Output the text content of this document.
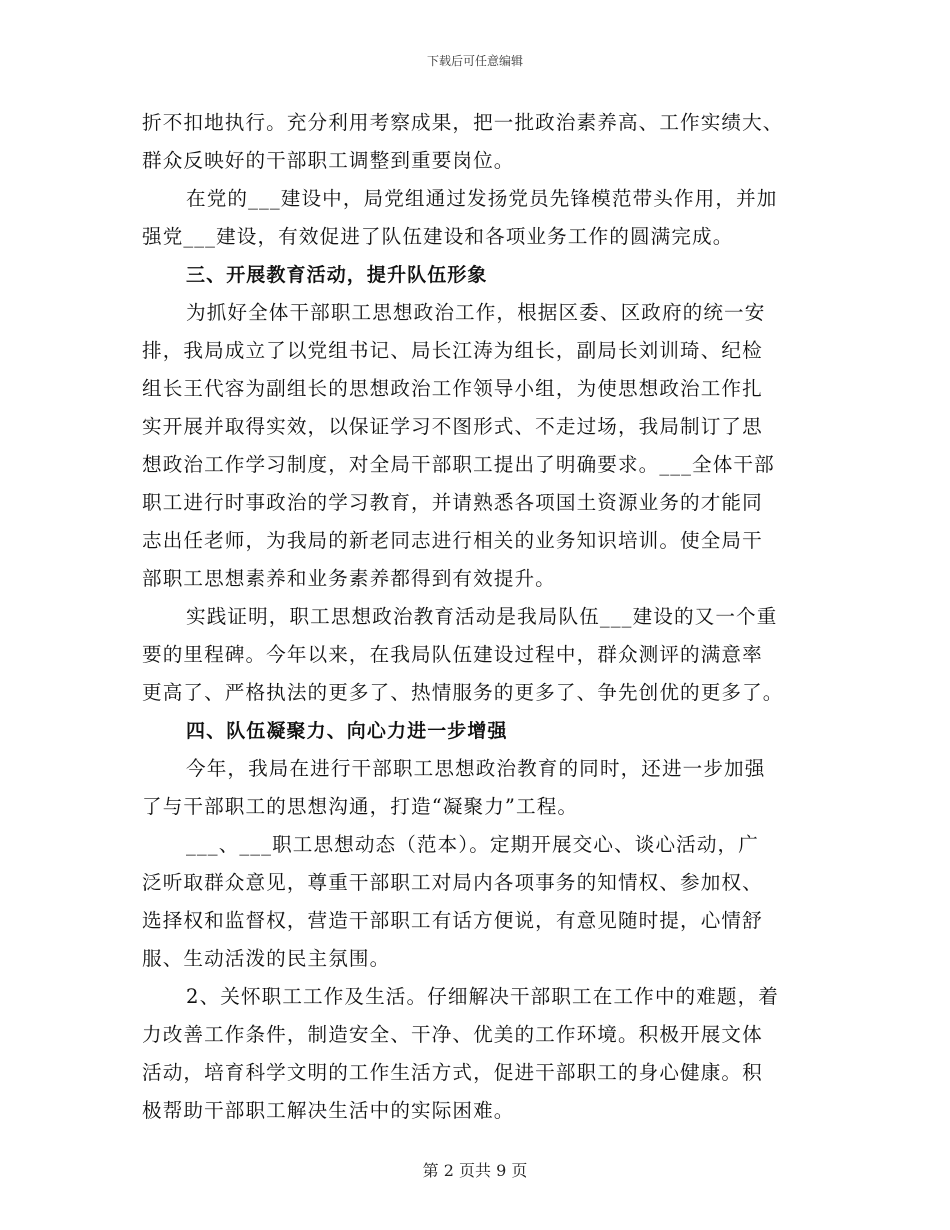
下载后可任意编辑
折不扣地执行。充分利用考察成果，把一批政治素养高、工作实绩大、
群众反映好的干部职工调整到重要岗位。
在党的___建设中，局党组通过发扬党员先锋模范带头作用，并加
强党___建设，有效促进了队伍建设和各项业务工作的圆满完成。
三、开展教育活动，提升队伍形象
为抓好全体干部职工思想政治工作，根据区委、区政府的统一安
排，我局成立了以党组书记、局长江涛为组长，副局长刘训琦、纪检
组长王代容为副组长的思想政治工作领导小组，为使思想政治工作扎
实开展并取得实效，以保证学习不图形式、不走过场，我局制订了思
想政治工作学习制度，对全局干部职工提出了明确要求。___全体干部
职工进行时事政治的学习教育，并请熟悉各项国土资源业务的才能同
志出任老师，为我局的新老同志进行相关的业务知识培训。使全局干
部职工思想素养和业务素养都得到有效提升。
实践证明，职工思想政治教育活动是我局队伍___建设的又一个重
要的里程碑。今年以来，在我局队伍建设过程中，群众测评的满意率
更高了、严格执法的更多了、热情服务的更多了、争先创优的更多了。
四、队伍凝聚力、向心力进一步增强
今年，我局在进行干部职工思想政治教育的同时，还进一步加强
了与干部职工的思想沟通，打造“凝聚力”工程。
___、___职工思想动态（范本）。定期开展交心、谈心活动，广
泛听取群众意见，尊重干部职工对局内各项事务的知情权、参加权、
选择权和监督权，营造干部职工有话方便说，有意见随时提，心情舒
服、生动活泼的民主氛围。
2、关怀职工工作及生活。仔细解决干部职工在工作中的难题，着
力改善工作条件，制造安全、干净、优美的工作环境。积极开展文体
活动，培育科学文明的工作生活方式，促进干部职工的身心健康。积
极帮助干部职工解决生活中的实际困难。
第 2 页共 9 页
